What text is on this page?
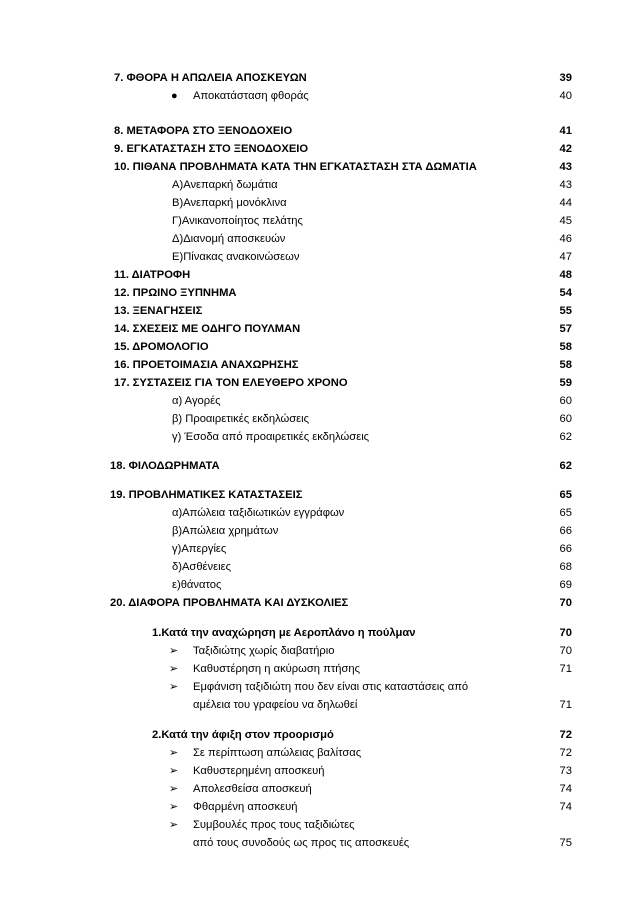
7. ΦΘΟΡΑ Η ΑΠΩΛΕΙΑ ΑΠΟΣΚΕΥΩΝ	39
● Αποκατάσταση φθοράς	40
8. ΜΕΤΑΦΟΡΑ ΣΤΟ ΞΕΝΟΔΟΧΕΙΟ	41
9. ΕΓΚΑΤΑΣΤΑΣΗ ΣΤΟ ΞΕΝΟΔΟΧΕΙΟ	42
10. ΠΙΘΑΝΑ ΠΡΟΒΛΗΜΑΤΑ ΚΑΤΑ ΤΗΝ ΕΓΚΑΤΑΣΤΑΣΗ ΣΤΑ ΔΩΜΑΤΙΑ	43
Α)Ανεπαρκή δωμάτια	43
Β)Ανεπαρκή μονόκλινα	44
Γ)Ανικανοποίητος πελάτης	45
Δ)Διανομή αποσκευών	46
Ε)Πίνακας ανακοινώσεων	47
11. ΔΙΑΤΡΟΦΗ	48
12. ΠΡΩΙΝΟ ΞΥΠΝΗΜΑ	54
13. ΞΕΝΑΓΗΣΕΙΣ	55
14. ΣΧΕΣΕΙΣ ΜΕ ΟΔΗΓΟ ΠΟΥΛΜΑΝ	57
15. ΔΡΟΜΟΛΟΓΙΟ	58
16. ΠΡΟΕΤΟΙΜΑΣΙΑ ΑΝΑΧΩΡΗΣΗΣ	58
17. ΣΥΣΤΑΣΕΙΣ ΓΙΑ ΤΟΝ ΕΛΕΥΘΕΡΟ ΧΡΟΝΟ	59
α) Αγορές	60
β) Προαιρετικές εκδηλώσεις	60
γ) Έσοδα από προαιρετικές εκδηλώσεις	62
18. ΦΙΛΟΔΩΡΗΜΑΤΑ	62
19. ΠΡΟΒΛΗΜΑΤΙΚΕΣ ΚΑΤΑΣΤΑΣΕΙΣ	65
α)Απώλεια ταξιδιωτικών εγγράφων	65
β)Απώλεια χρημάτων	66
γ)Απεργίες	66
δ)Ασθένειες	68
ε)θάνατος	69
20. ΔΙΑΦΟΡΑ ΠΡΟΒΛΗΜΑΤΑ ΚΑΙ ΔΥΣΚΟΛΙΕΣ	70
1.Κατά την αναχώρηση με Αεροπλάνο η πούλμαν	70
➢ Ταξιδιώτης χωρίς διαβατήριο	70
➢ Καθυστέρηση η ακύρωση πτήσης	71
➢ Εμφάνιση ταξιδιώτη που δεν είναι στις καταστάσεις από
αμέλεια του γραφείου να δηλωθεί	71
2.Κατά την άφιξη στον προορισμό	72
➢ Σε περίπτωση απώλειας βαλίτσας	72
➢ Καθυστερημένη αποσκευή	73
➢ Απολεσθείσα αποσκευή	74
➢ Φθαρμένη αποσκευή	74
➢ Συμβουλές προς τους ταξιδιώτες
από τους συνοδούς ως προς τις αποσκευές	75
